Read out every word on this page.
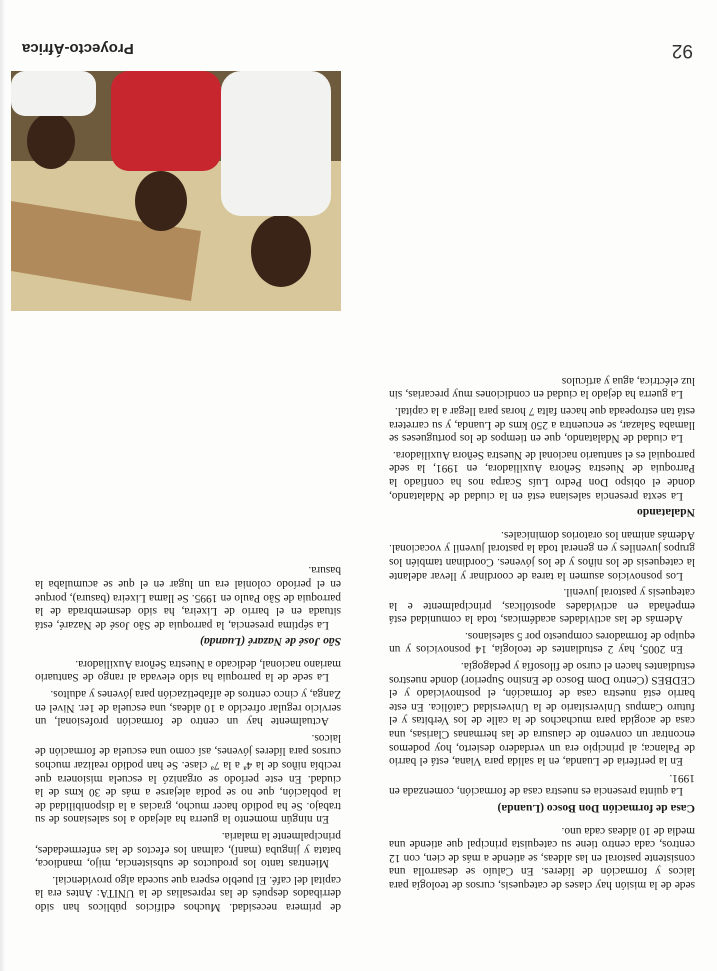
92
Proyecto-África

sede de la misión hay clases de catequesis, cursos de teología para laicos y formación de líderes. En Caluío se desarrolla una consistente pastoral en las aldeas, se atiende a más de cien, con 12 centros, cada centro tiene su catequista principal que atiende una media de 10 aldeas cada uno.

Casa de formación Don Bosco (Luanda)

La quinta presencia es nuestra casa de formación, comenzada en 1991.

En la periferia de Luanda, en la salida para Viana, está el barrio de Palanca; al principio era un verdadero desierto, hoy podemos encontrar un convento de clausura de las hermanas Clarisas, una casa de acogida para muchachos de la calle de los Verbitas y el futuro Campus Universitario de la Universidad Católica. En este barrio está nuestra casa de formación, el postnoviciado y el CEDBES (Centro Dom Bosco de Ensino Superior) donde nuestros estudiantes hacen el curso de filosofía y pedagogía.

En 2005, hay 2 estudiantes de teología, 14 posnovicios y un equipo de formadores compuesto por 5 salesianos.

Además de las actividades académicas, toda la comunidad está empeñada en actividades apostólicas, principalmente e la catequesis y pastoral juvenil.

Los posnovicios asumen la tarea de coordinar y llevar adelante la catequesis de los niños y de los jóvenes. Coordinan también los grupos juveniles y en general toda la pastoral juvenil y vocacional. Además animan los oratorios dominicales.

Ndalatando

La sexta presencia salesiana está en la ciudad de Ndalatando, donde el obispo Don Pedro Luís Scarpa nos ha confiado la Parroquia de Nuestra Señora Auxiliadora, en 1991, la sede parroquial es el santuario nacional de Nuestra Señora Auxiliadora.

La ciudad de Ndalatando, que en tiempos de los portugueses se llamaba Salazar, se encuentra a 250 kms de Luanda, y su carretera está tan estropeada que hacen falta 7 horas para llegar a la capital.

La guerra ha dejado la ciudad en condiciones muy precarias, sin luz eléctrica, agua y artículos

de primera necesidad. Muchos edificios públicos han sido derribados después de las represalias de la UNITA: Antes era la capital del café. El pueblo espera que suceda algo providencial.

Mientras tanto los productos de subsistencia, mijo, mandioca, batata y jinguba (maní), calman los efectos de las enfermedades, principalmente la malaria.

En ningún momento la guerra ha alejado a los salesianos de su trabajo. Se ha podido hacer mucho, gracias a la disponibilidad de la población, que no se podía alejarse a más de 30 kms de la ciudad. En este período se organizó la escuela misionera que recibía niños de la 4ª a la 7ª clase. Se han podido realizar muchos cursos para líderes jóvenes, así como una escuela de formación de laicos.

Actualmente hay un centro de formación profesional, un servicio regular ofrecido a 10 aldeas, una escuela de 1er. Nivel en Zanga, y cinco centros de alfabetización para jóvenes y adultos.

La sede de la parroquia ha sido elevada al rango de Santuario mariano nacional, dedicado a Nuestra Señora Auxiliadora.

São José de Nazaré (Luanda)

La séptima presencia, la parroquia de São José de Nazaré, está situada en el barrio de Lixeira, ha sido desmembrada de la parroquia de São Paulo en 1995. Se llama Lixeira (basura), porque en el período colonial era un lugar en el que se acumulaba la basura.
